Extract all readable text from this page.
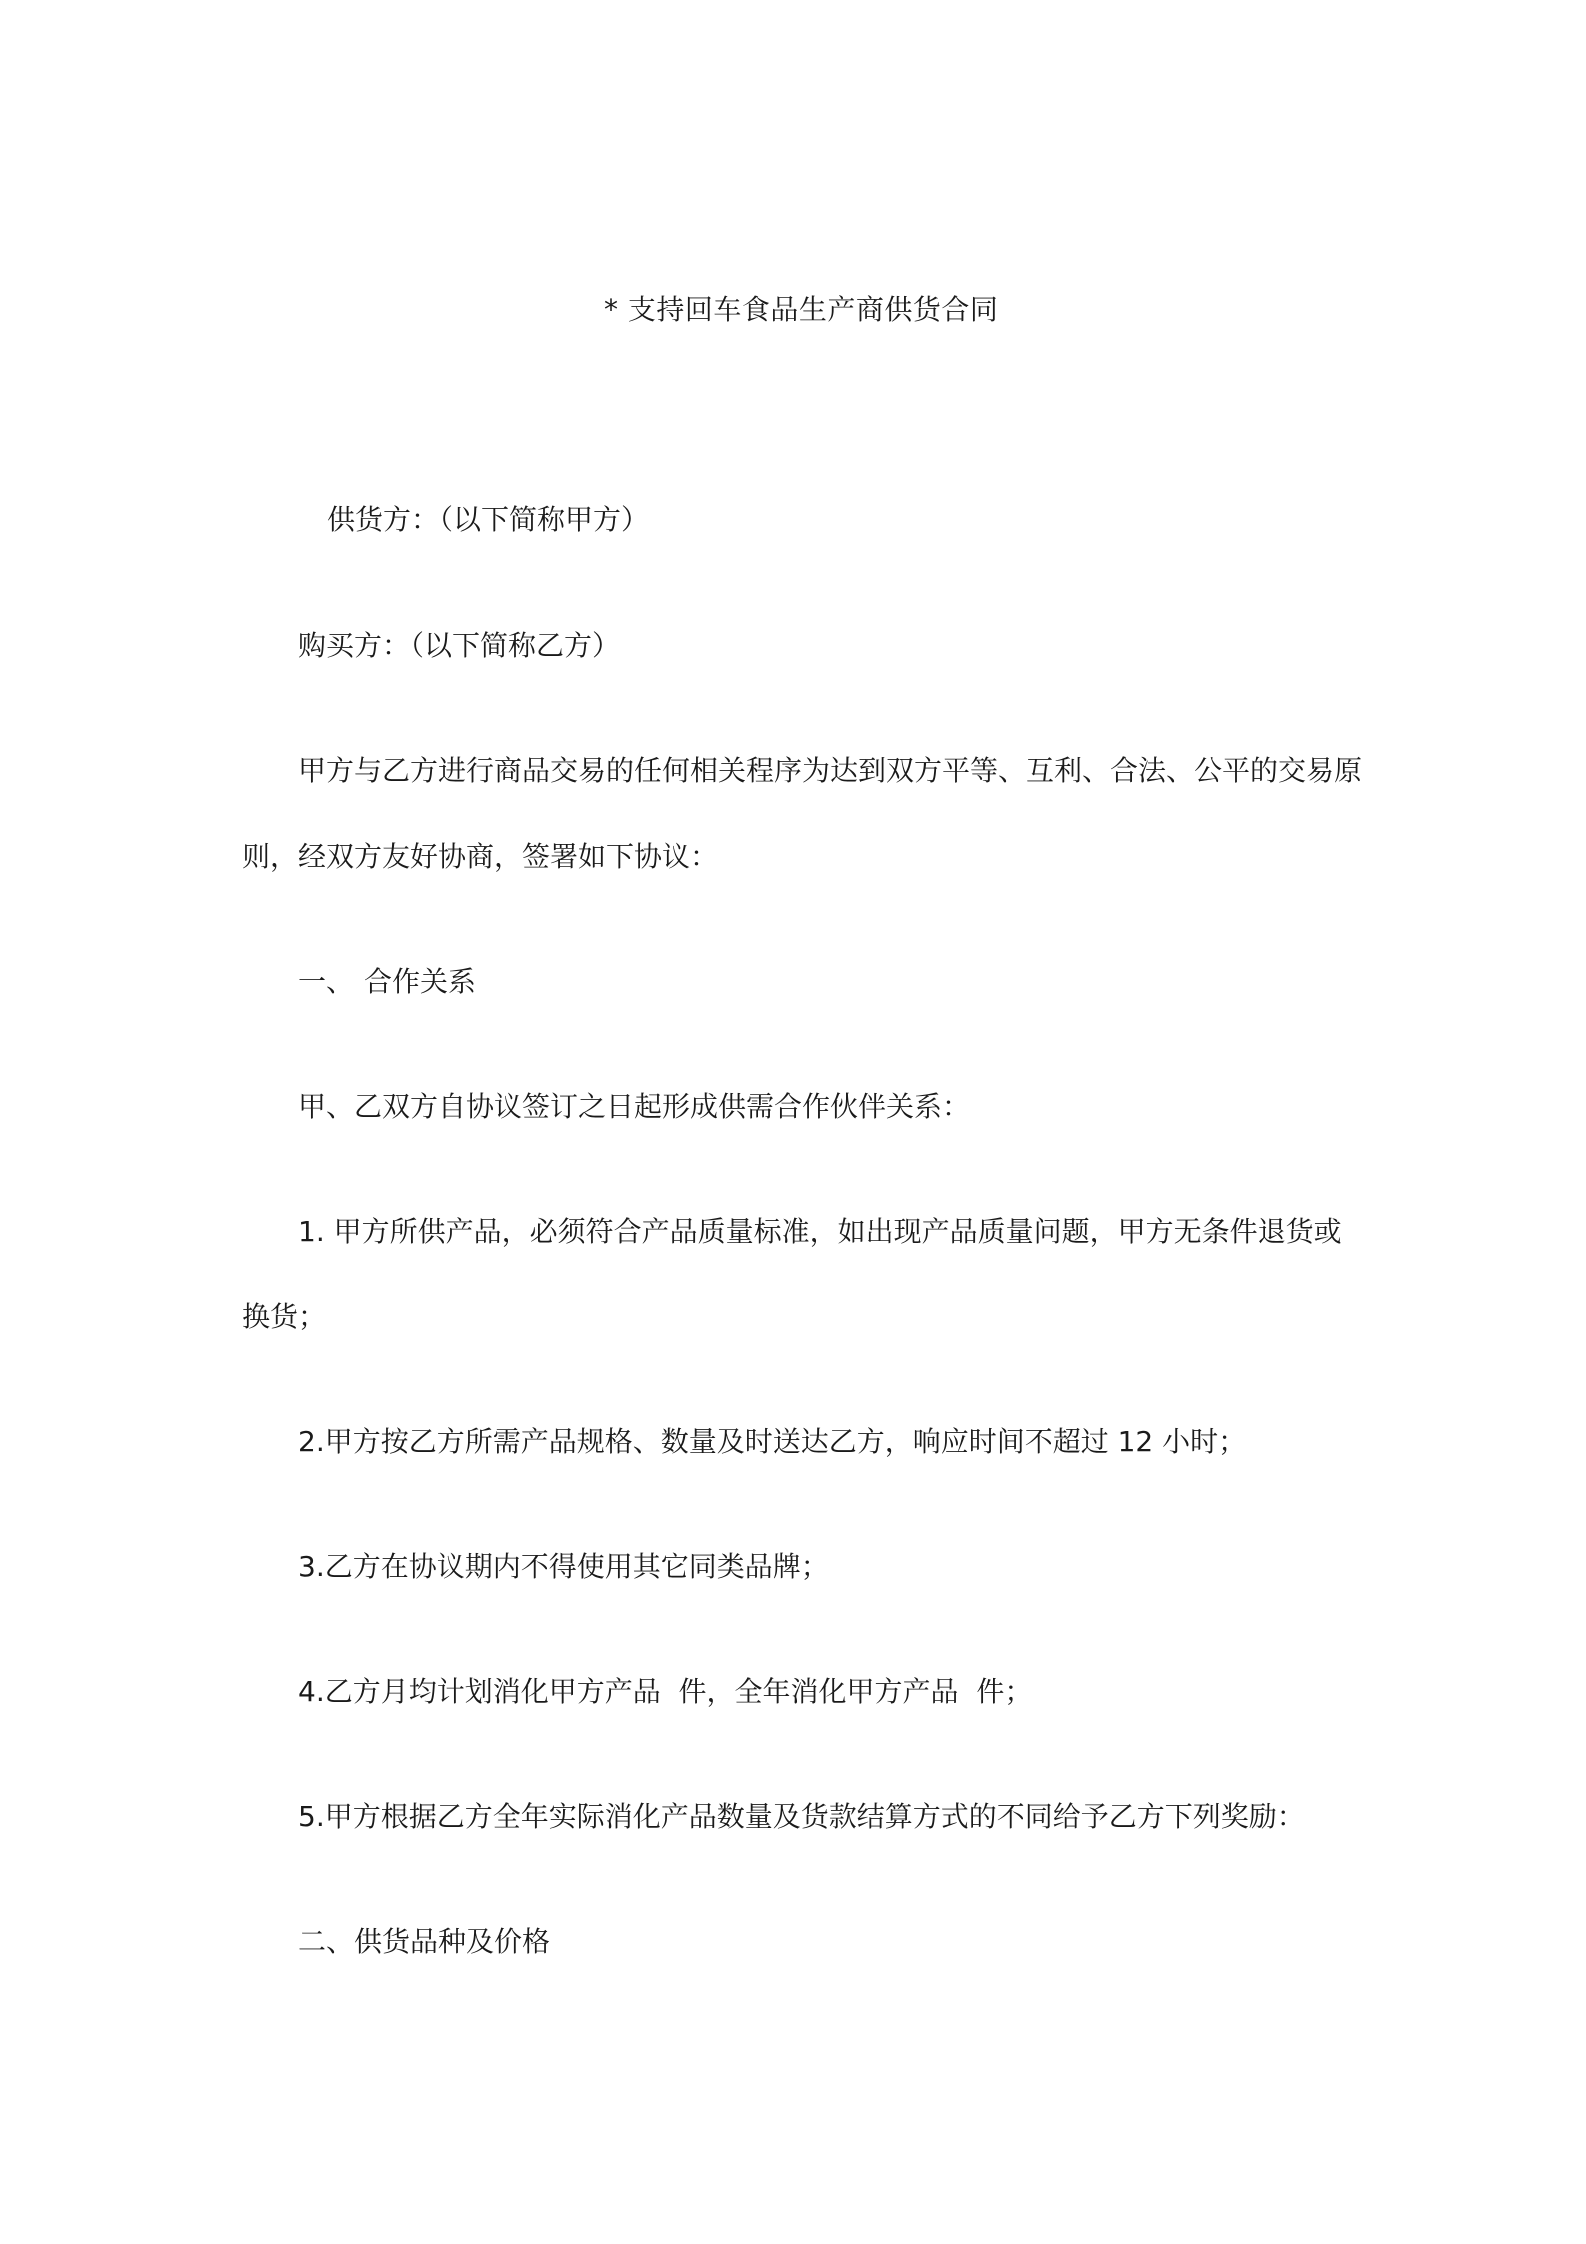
* 支持回车食品生产商供货合同
供货方：（以下简称甲方）
购买方：（以下简称乙方）
甲方与乙方进行商品交易的任何相关程序为达到双方平等、互利、合法、公平的交易原
则，经双方友好协商，签署如下协议：
一、 合作关系
甲、乙双方自协议签订之日起形成供需合作伙伴关系：
1. 甲方所供产品，必须符合产品质量标准，如出现产品质量问题，甲方无条件退货或
换货；
2.甲方按乙方所需产品规格、数量及时送达乙方，响应时间不超过 12 小时；
3.乙方在协议期内不得使用其它同类品牌；
4.乙方月均计划消化甲方产品  件，全年消化甲方产品  件；
5.甲方根据乙方全年实际消化产品数量及货款结算方式的不同给予乙方下列奖励：
二、供货品种及价格
